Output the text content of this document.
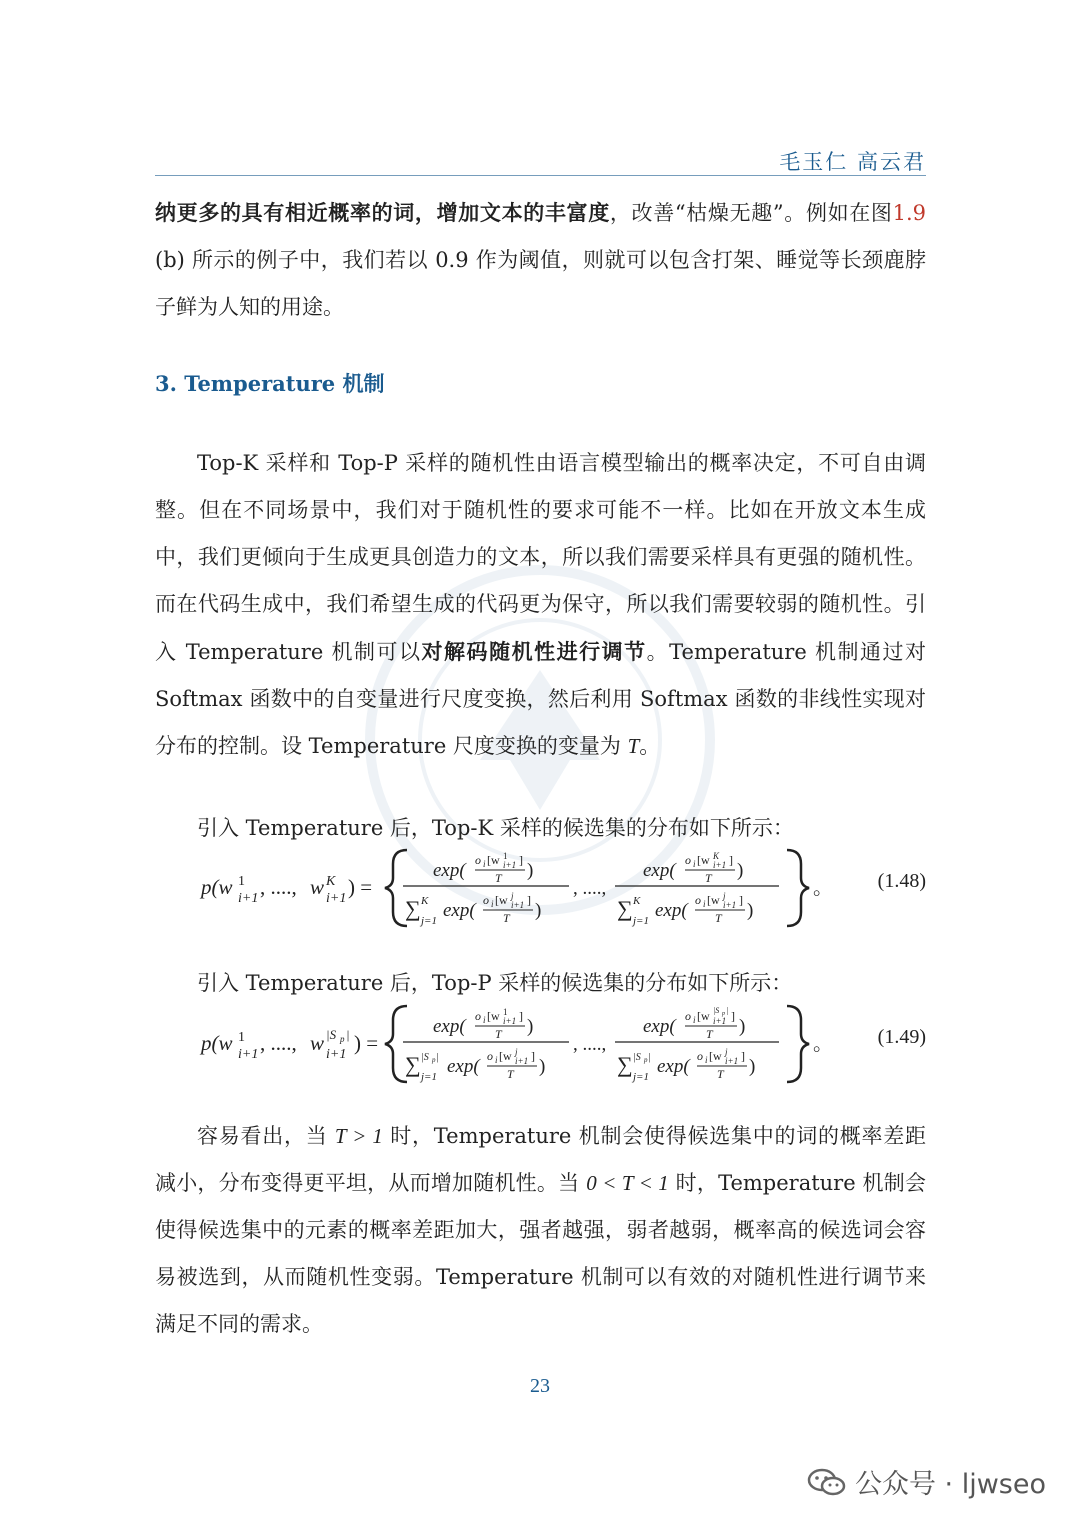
毛玉仁 高云君
纳更多的具有相近概率的词，增加文本的丰富度，改善“枯燥无趣”。例如在图1.9 (b) 所示的例子中，我们若以 0.9 作为阈值，则就可以包含打架、睡觉等长颈鹿脖子鲜为人知的用途。
3. Temperature 机制
Top-K 采样和 Top-P 采样的随机性由语言模型输出的概率决定，不可自由调整。但在不同场景中，我们对于随机性的要求可能不一样。比如在开放文本生成中，我们更倾向于生成更具创造力的文本，所以我们需要采样具有更强的随机性。而在代码生成中，我们希望生成的代码更为保守，所以我们需要较弱的随机性。引入 Temperature 机制可以对解码随机性进行调节。Temperature 机制通过对 Softmax 函数中的自变量进行尺度变换，然后利用 Softmax 函数的非线性实现对分布的控制。设 Temperature 尺度变换的变量为 T。
引入 Temperature 后，Top-K 采样的候选集的分布如下所示：
p(w 1
i+1 , ...., w K
i+1 ) =
exp( o i [w 1
i+1 ]
T )
∑ K
j=1 exp( o i [w j
i+1 ]
T )
, ....,
exp( o i [w K
i+1 ]
T )
∑ K
j=1 exp( o i [w j
i+1 ]
T )
。 (1.48)
引入 Temperature 后，Top-P 采样的候选集的分布如下所示：
p(w 1
i+1 , ...., w |S p |
i+1 ) =
exp( o i [w 1
i+1 ]
T )
∑ |S p |
j=1 exp( o i [w j
i+1 ]
T )
, ....,
exp( o i [w |S p |
i+1 ]
T )
∑ |S p |
j=1 exp( o i [w j
i+1 ]
T )
。 (1.49)
容易看出，当 T > 1 时，Temperature 机制会使得候选集中的词的概率差距减小，分布变得更平坦，从而增加随机性。当 0 < T < 1 时，Temperature 机制会使得候选集中的元素的概率差距加大，强者越强，弱者越弱，概率高的候选词会容易被选到，从而随机性变弱。Temperature 机制可以有效的对随机性进行调节来满足不同的需求。
23
公众号 · ljwseo
